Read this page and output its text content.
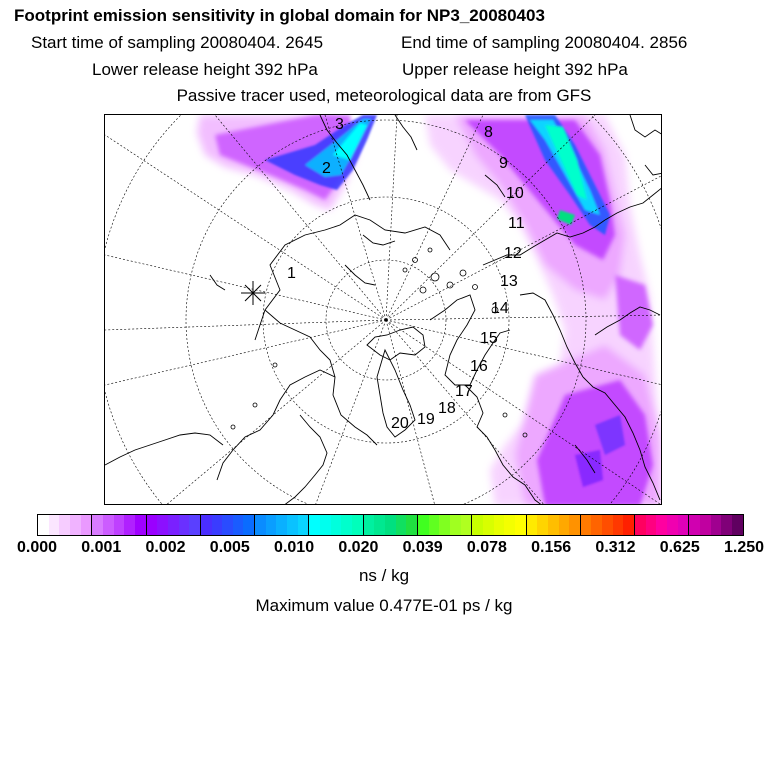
Footprint emission sensitivity in global domain for NP3_20080403
Start time of sampling 20080404. 2645	End time of sampling 20080404. 2856
Lower release height 392 hPa	Upper release height 392 hPa
Passive tracer used, meteorological data are from GFS
1
2
3	8
9
10
11
12
13
14
15
16
17
18
19
20
0.000 0.001 0.002 0.005 0.010 0.020 0.039 0.078 0.156 0.312 0.625 1.250
ns / kg
Maximum value 0.477E-01 ps / kg
